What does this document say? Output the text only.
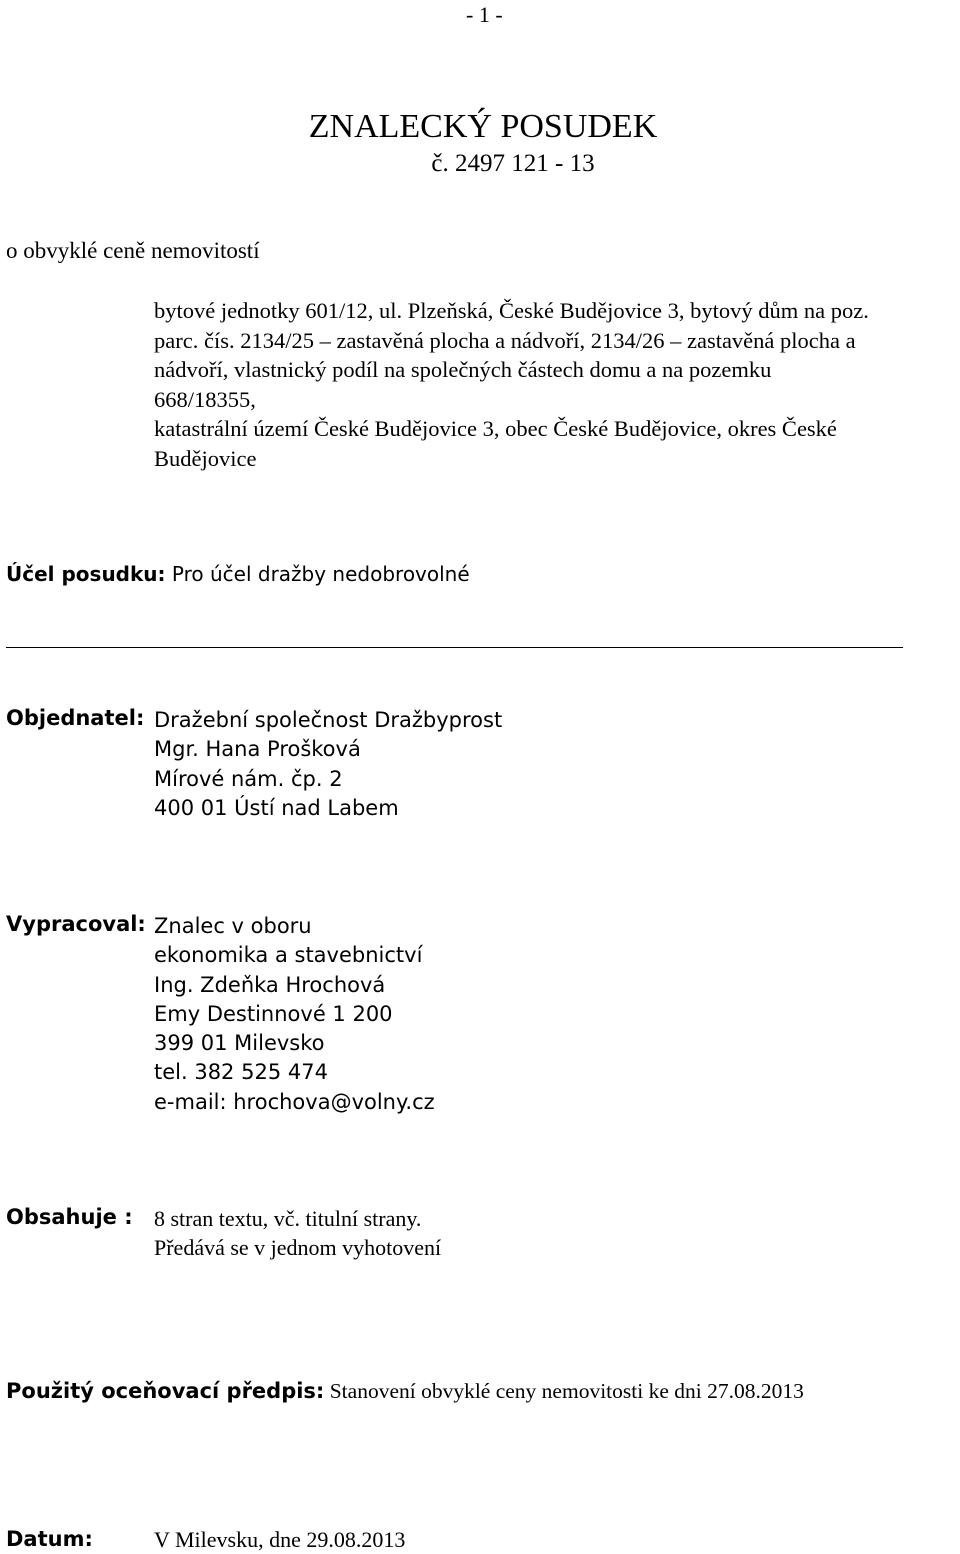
- 1 -
ZNALECKÝ POSUDEK
č. 2497 121 - 13
o obvyklé ceně nemovitostí
bytové jednotky 601/12, ul. Plzeňská, České Budějovice 3, bytový dům na poz.
parc. čís. 2134/25 – zastavěná plocha a nádvoří, 2134/26 – zastavěná plocha a
nádvoří, vlastnický podíl na společných částech domu a na pozemku
668/18355,
katastrální území České Budějovice 3, obec České Budějovice, okres České
Budějovice
Účel posudku: Pro účel dražby nedobrovolné
Objednatel: Dražební společnost Dražbyprost
Mgr. Hana Prošková
Mírové nám. čp. 2
400 01 Ústí nad Labem
Vypracoval: Znalec v oboru
ekonomika a stavebnictví
Ing. Zdeňka Hrochová
Emy Destinnové 1 200
399 01 Milevsko
tel. 382 525 474
e-mail: hrochova@volny.cz
Obsahuje : 8 stran textu, vč. titulní strany.
Předává se v jednom vyhotovení
Použitý oceňovací předpis: Stanovení obvyklé ceny nemovitosti ke dni 27.08.2013
Datum:	V Milevsku, dne 29.08.2013
